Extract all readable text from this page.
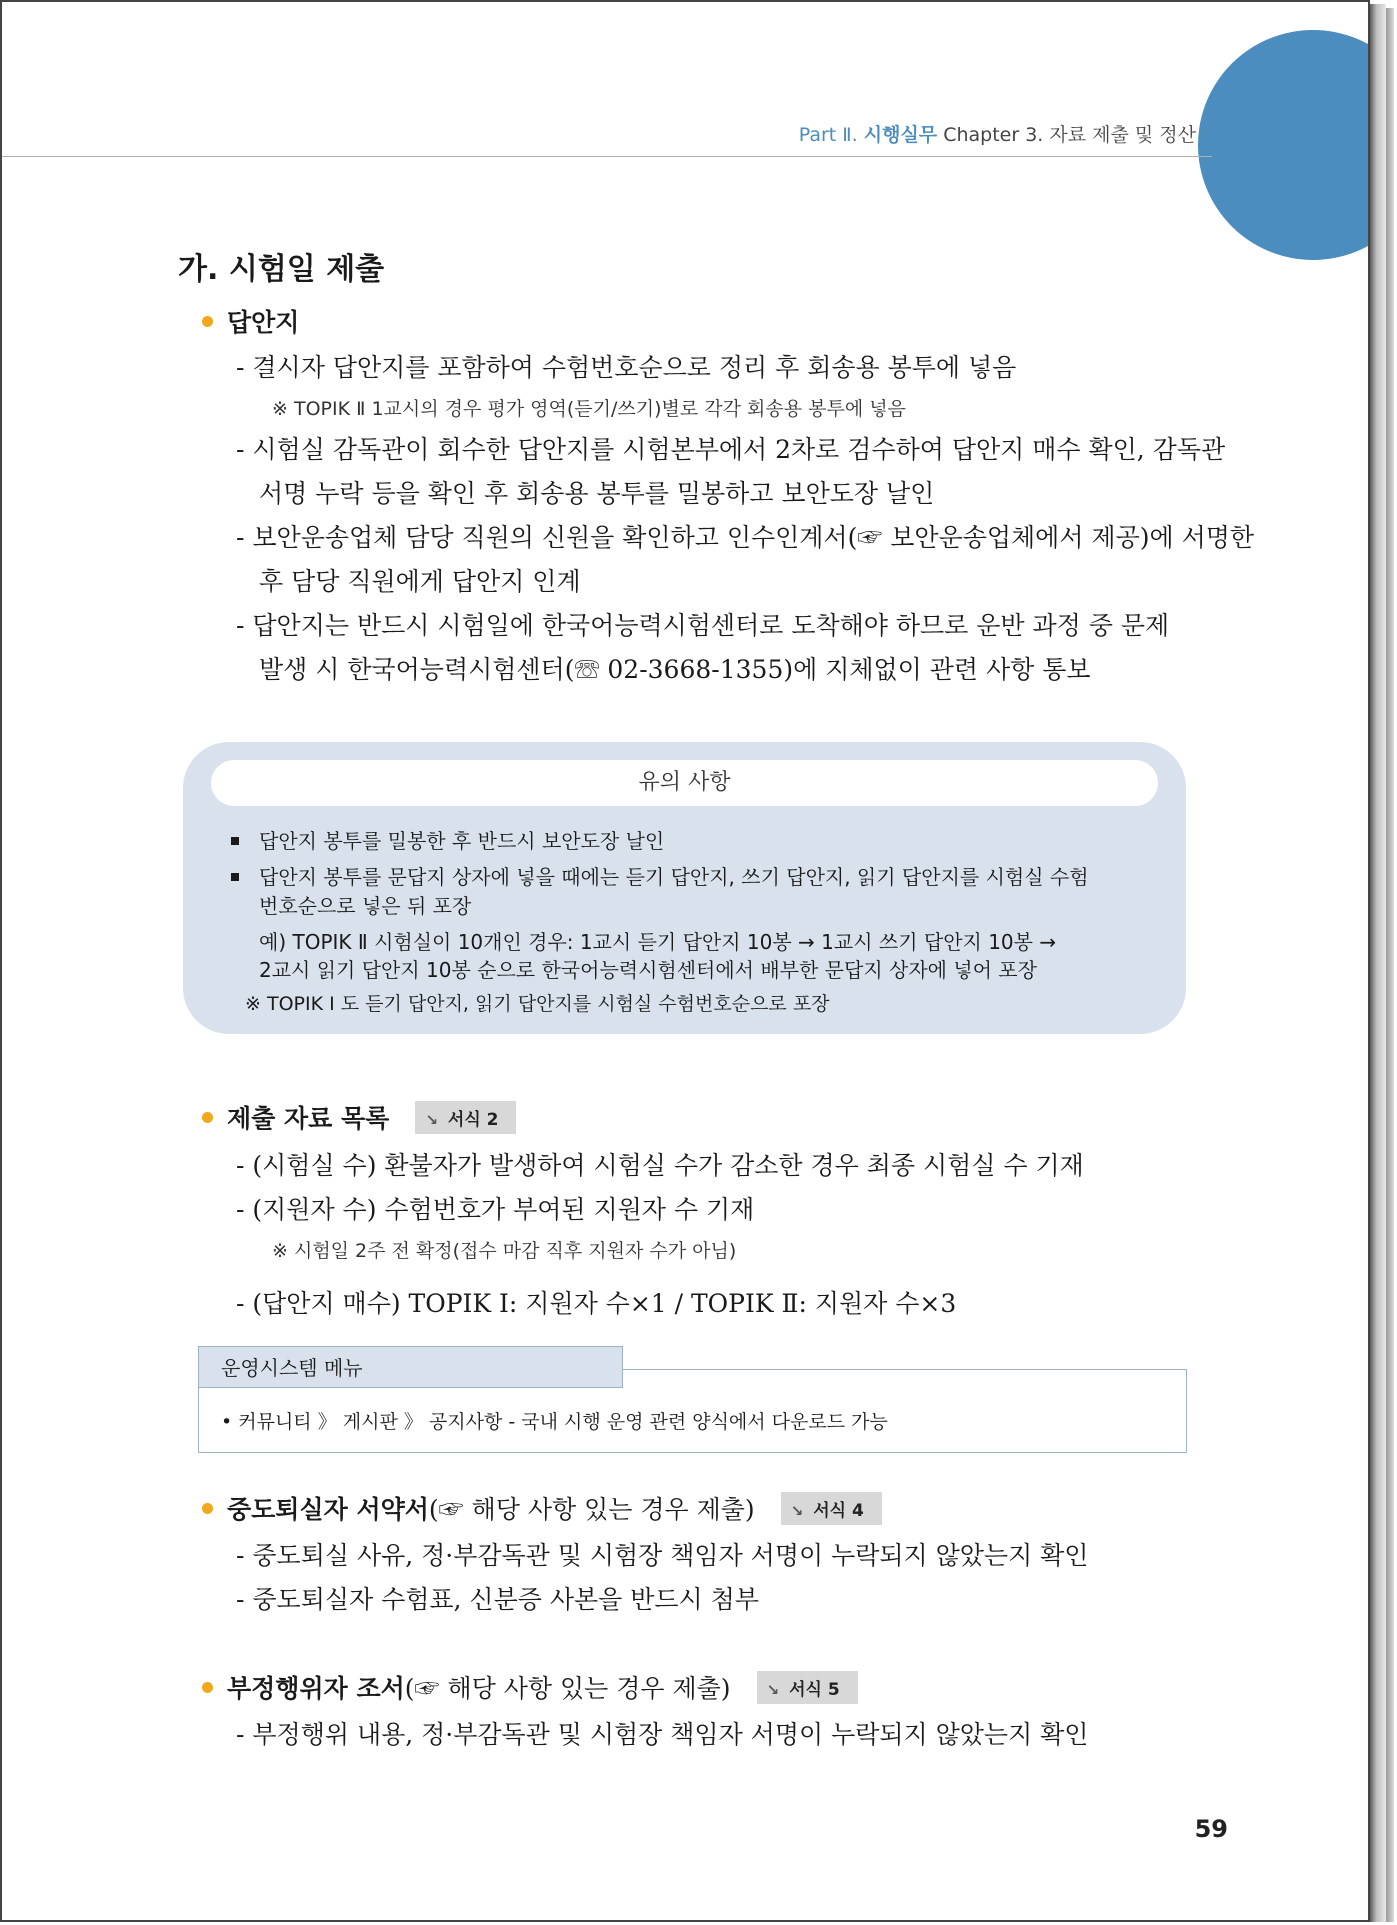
Part Ⅱ. 시행실무 Chapter 3. 자료 제출 및 정산
가. 시험일 제출
답안지
- 결시자 답안지를 포함하여 수험번호순으로 정리 후 회송용 봉투에 넣음
※ TOPIK Ⅱ 1교시의 경우 평가 영역(듣기/쓰기)별로 각각 회송용 봉투에 넣음
- 시험실 감독관이 회수한 답안지를 시험본부에서 2차로 검수하여 답안지 매수 확인, 감독관
서명 누락 등을 확인 후 회송용 봉투를 밀봉하고 보안도장 날인
- 보안운송업체 담당 직원의 신원을 확인하고 인수인계서(☞ 보안운송업체에서 제공)에 서명한
후 담당 직원에게 답안지 인계
- 답안지는 반드시 시험일에 한국어능력시험센터로 도착해야 하므로 운반 과정 중 문제
발생 시 한국어능력시험센터(☏ 02-3668-1355)에 지체없이 관련 사항 통보
유의 사항
답안지 봉투를 밀봉한 후 반드시 보안도장 날인
답안지 봉투를 문답지 상자에 넣을 때에는 듣기 답안지, 쓰기 답안지, 읽기 답안지를 시험실 수험
번호순으로 넣은 뒤 포장
예) TOPIK Ⅱ 시험실이 10개인 경우: 1교시 듣기 답안지 10봉 → 1교시 쓰기 답안지 10봉 →
2교시 읽기 답안지 10봉 순으로 한국어능력시험센터에서 배부한 문답지 상자에 넣어 포장
※ TOPIK I 도 듣기 답안지, 읽기 답안지를 시험실 수험번호순으로 포장
제출 자료 목록 ↘ 서식 2
- (시험실 수) 환불자가 발생하여 시험실 수가 감소한 경우 최종 시험실 수 기재
- (지원자 수) 수험번호가 부여된 지원자 수 기재
※ 시험일 2주 전 확정(접수 마감 직후 지원자 수가 아님)
- (답안지 매수) TOPIK Ⅰ: 지원자 수×1 / TOPIK Ⅱ: 지원자 수×3
운영시스템 메뉴
• 커뮤니티 》 게시판 》 공지사항 - 국내 시행 운영 관련 양식에서 다운로드 가능
중도퇴실자 서약서(☞ 해당 사항 있는 경우 제출) ↘ 서식 4
- 중도퇴실 사유, 정·부감독관 및 시험장 책임자 서명이 누락되지 않았는지 확인
- 중도퇴실자 수험표, 신분증 사본을 반드시 첨부
부정행위자 조서(☞ 해당 사항 있는 경우 제출) ↘ 서식 5
- 부정행위 내용, 정·부감독관 및 시험장 책임자 서명이 누락되지 않았는지 확인
59
